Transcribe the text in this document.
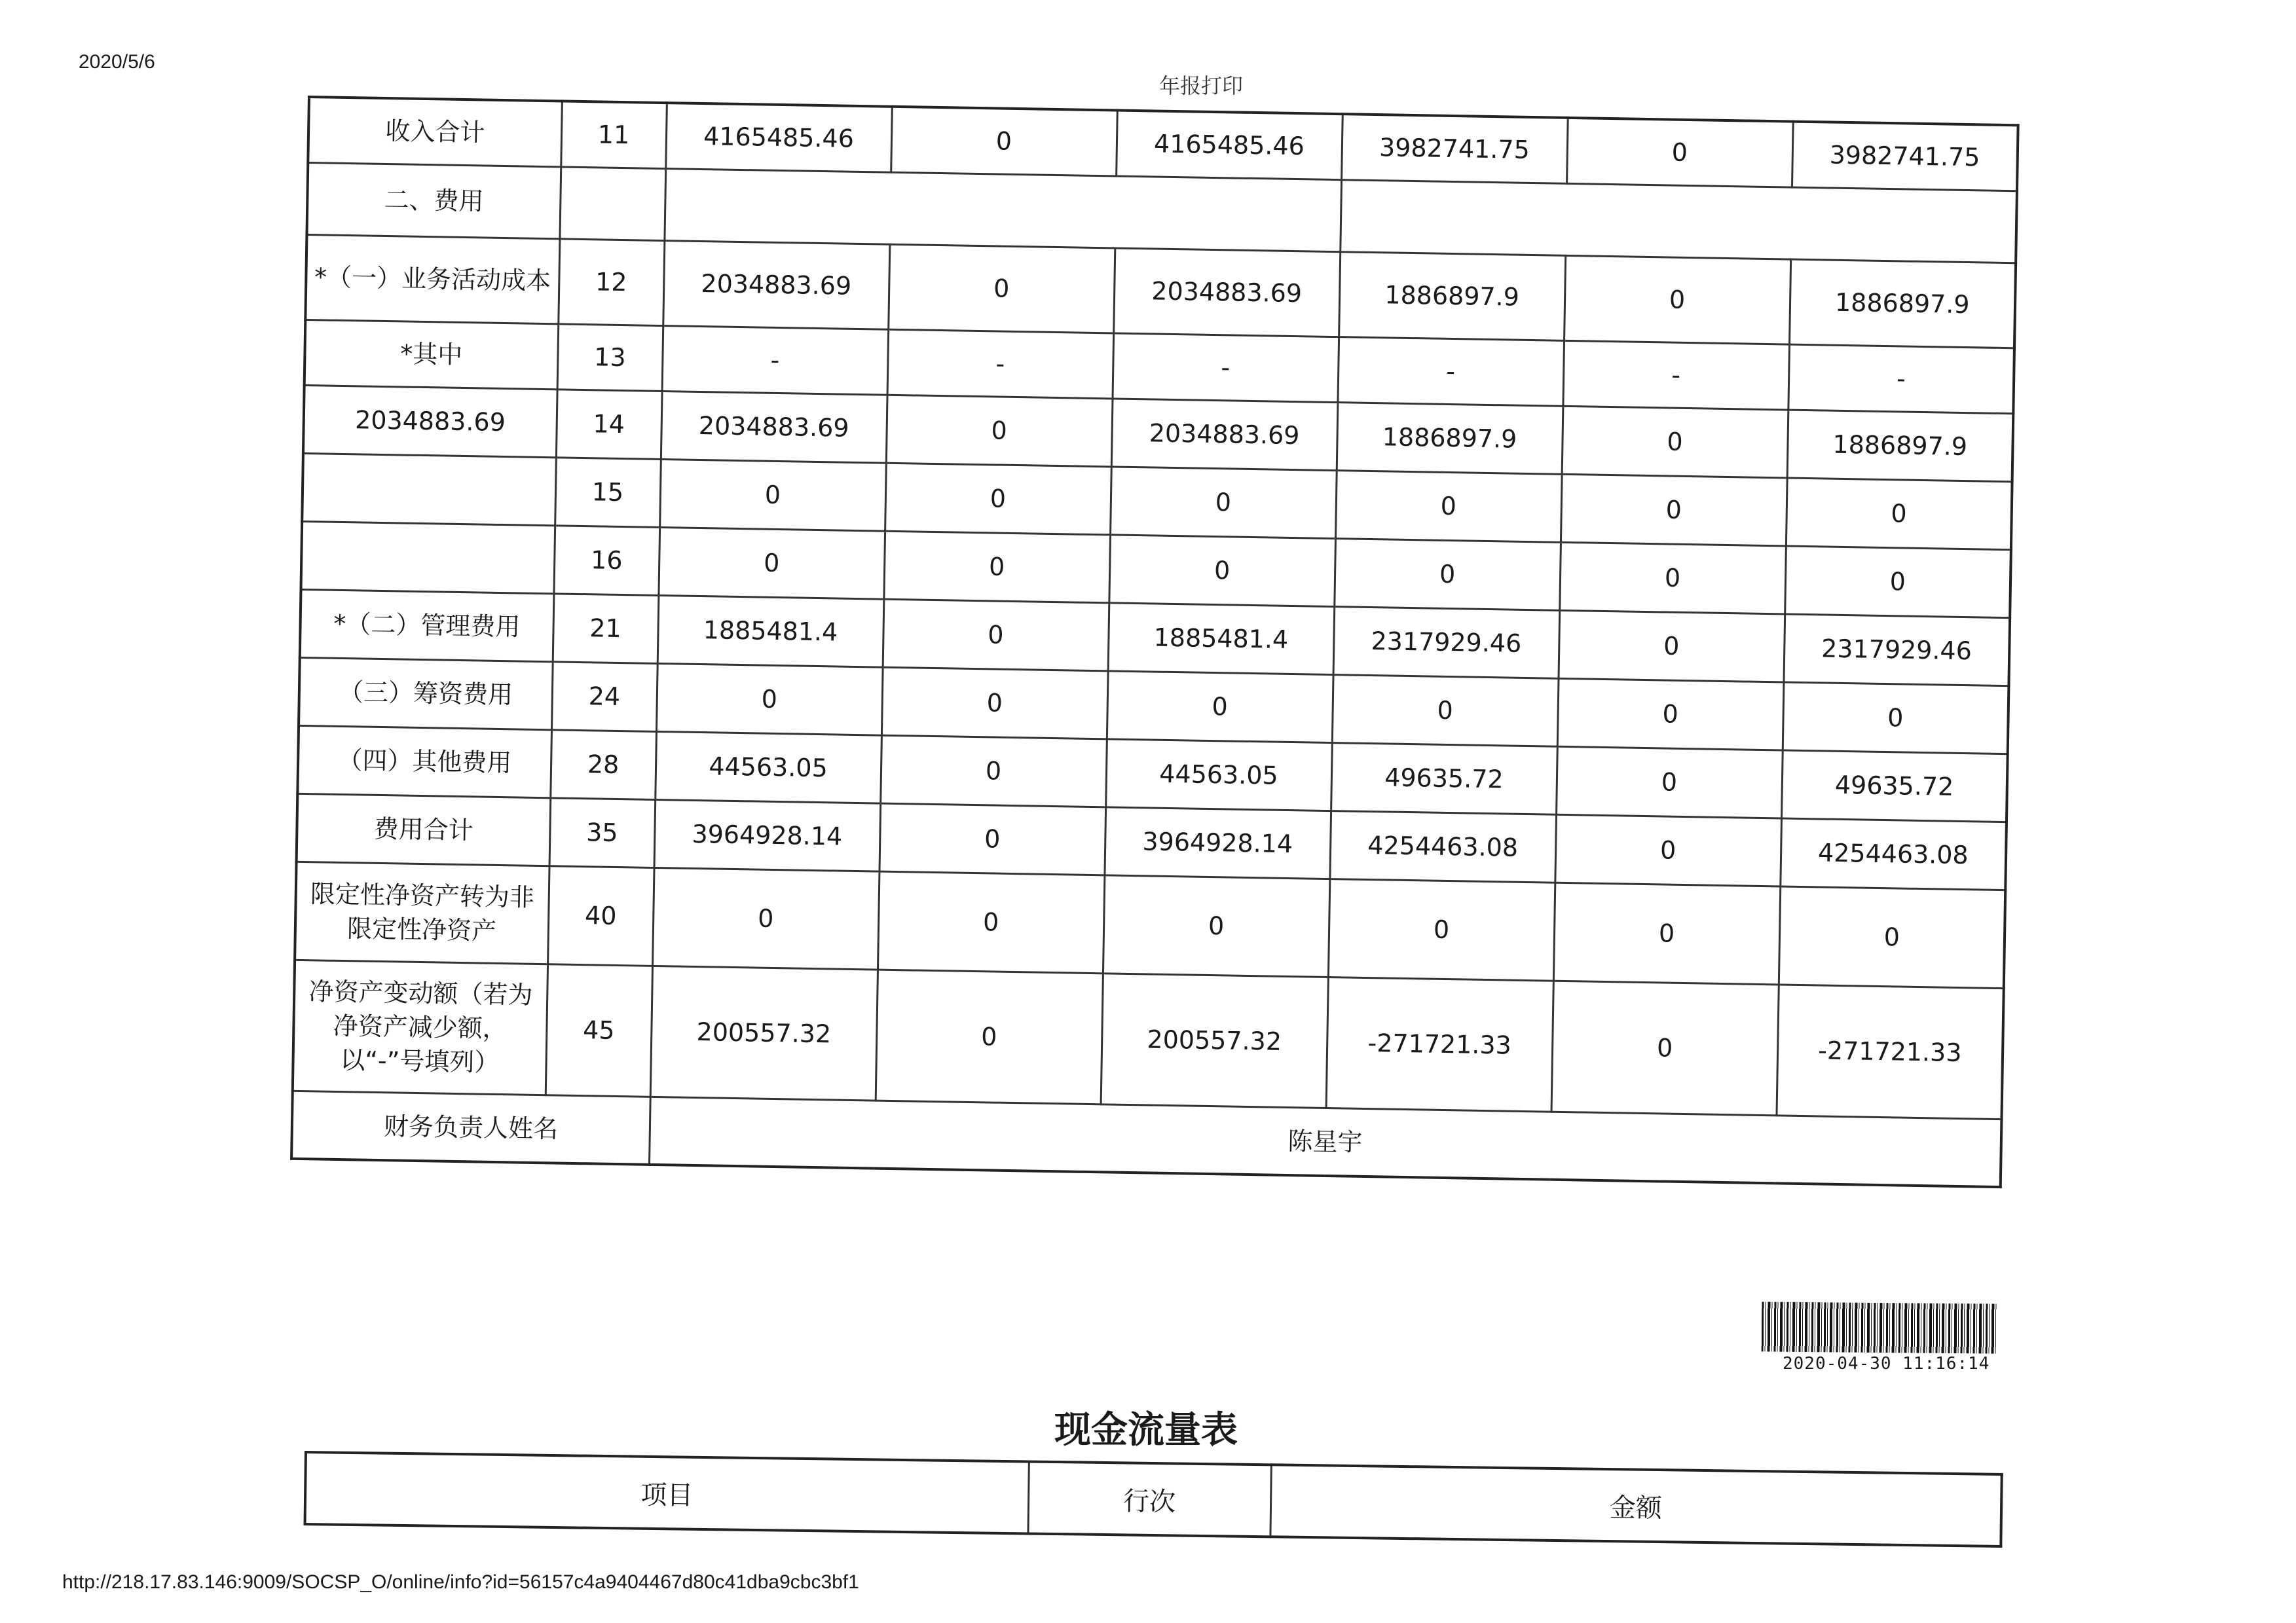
2020/5/6
年报打印
收入合计	11	4165485.46	0	4165485.46	3982741.75	0	3982741.75
二、费用							
*（一）业务活动成本	12	2034883.69	0	2034883.69	1886897.9	0	1886897.9
*其中	13	-	-	-	-	-	-
2034883.69	14	2034883.69	0	2034883.69	1886897.9	0	1886897.9
	15	0	0	0	0	0	0
	16	0	0	0	0	0	0
*（二）管理费用	21	1885481.4	0	1885481.4	2317929.46	0	2317929.46
（三）筹资费用	24	0	0	0	0	0	0
（四）其他费用	28	44563.05	0	44563.05	49635.72	0	49635.72
费用合计	35	3964928.14	0	3964928.14	4254463.08	0	4254463.08
限定性净资产转为非限定性净资产	40	0	0	0	0	0	0
净资产变动额（若为净资产减少额，以“-”号填列）	45	200557.32	0	200557.32	-271721.33	0	-271721.33
财务负责人姓名		陈星宇					
2020-04-30 11:16:14
现金流量表
项目	行次	金额
http://218.17.83.146:9009/SOCSP_O/online/info?id=56157c4a9404467d80c41dba9cbc3bf1
